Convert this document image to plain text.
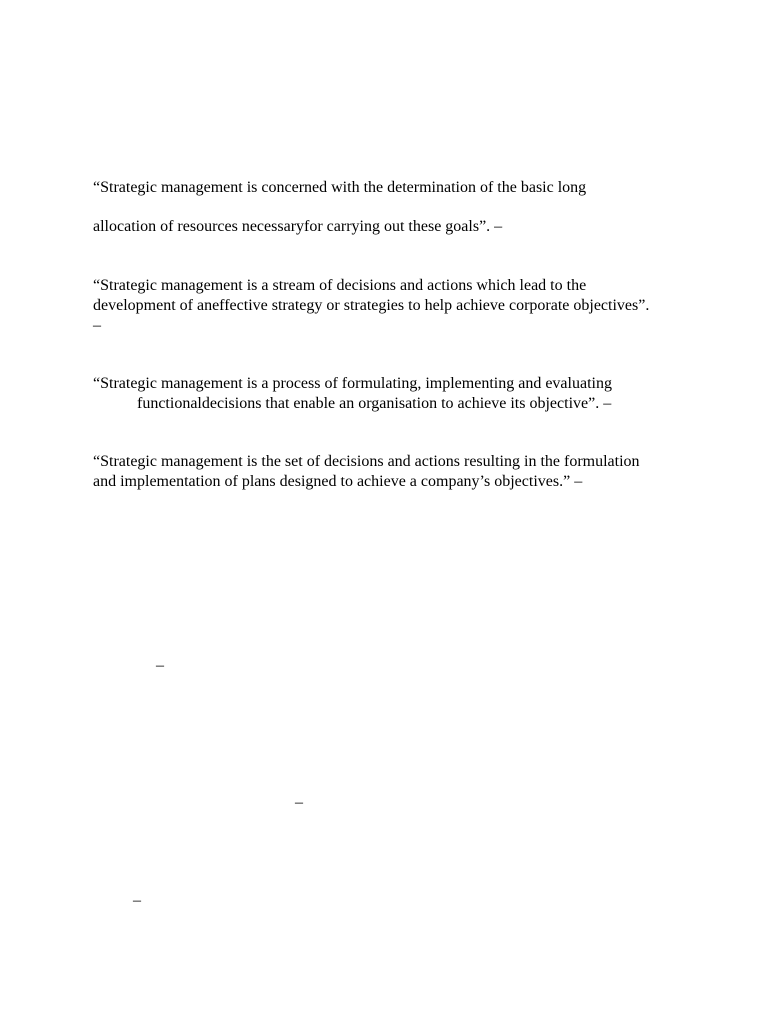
“Strategic management is concerned with the determination of the basic long
allocation of resources necessaryfor carrying out these goals”. –
“Strategic management is a stream of decisions and actions which lead to the
development of aneffective strategy or strategies to help achieve corporate objectives”.
–
“Strategic management is a process of formulating, implementing and evaluating
functionaldecisions that enable an organisation to achieve its objective”. –
“Strategic management is the set of decisions and actions resulting in the formulation
and implementation of plans designed to achieve a company’s objectives.” –
–
–
–
